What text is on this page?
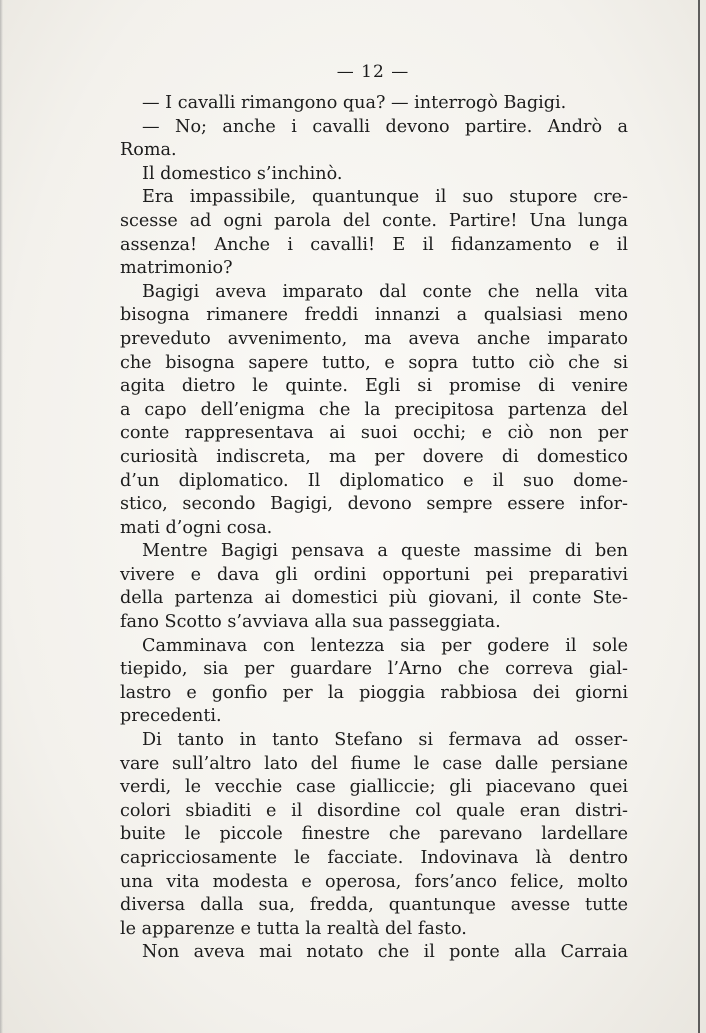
— 12 —
— I cavalli rimangono qua? — interrogò Bagigi.
— No; anche i cavalli devono partire. Andrò a
Roma.
Il domestico s’inchinò.
Era impassibile, quantunque il suo stupore cre-
scesse ad ogni parola del conte. Partire! Una lunga
assenza! Anche i cavalli! E il fidanzamento e il
matrimonio?
Bagigi aveva imparato dal conte che nella vita
bisogna rimanere freddi innanzi a qualsiasi meno
preveduto avvenimento, ma aveva anche imparato
che bisogna sapere tutto, e sopra tutto ciò che si
agita dietro le quinte. Egli si promise di venire
a capo dell’enigma che la precipitosa partenza del
conte rappresentava ai suoi occhi; e ciò non per
curiosità indiscreta, ma per dovere di domestico
d’un diplomatico. Il diplomatico e il suo dome-
stico, secondo Bagigi, devono sempre essere infor-
mati d’ogni cosa.
Mentre Bagigi pensava a queste massime di ben
vivere e dava gli ordini opportuni pei preparativi
della partenza ai domestici più giovani, il conte Ste-
fano Scotto s’avviava alla sua passeggiata.
Camminava con lentezza sia per godere il sole
tiepido, sia per guardare l’Arno che correva gial-
lastro e gonfio per la pioggia rabbiosa dei giorni
precedenti.
Di tanto in tanto Stefano si fermava ad osser-
vare sull’altro lato del fiume le case dalle persiane
verdi, le vecchie case gialliccie; gli piacevano quei
colori sbiaditi e il disordine col quale eran distri-
buite le piccole finestre che parevano lardellare
capricciosamente le facciate. Indovinava là dentro
una vita modesta e operosa, fors’anco felice, molto
diversa dalla sua, fredda, quantunque avesse tutte
le apparenze e tutta la realtà del fasto.
Non aveva mai notato che il ponte alla Carraia
